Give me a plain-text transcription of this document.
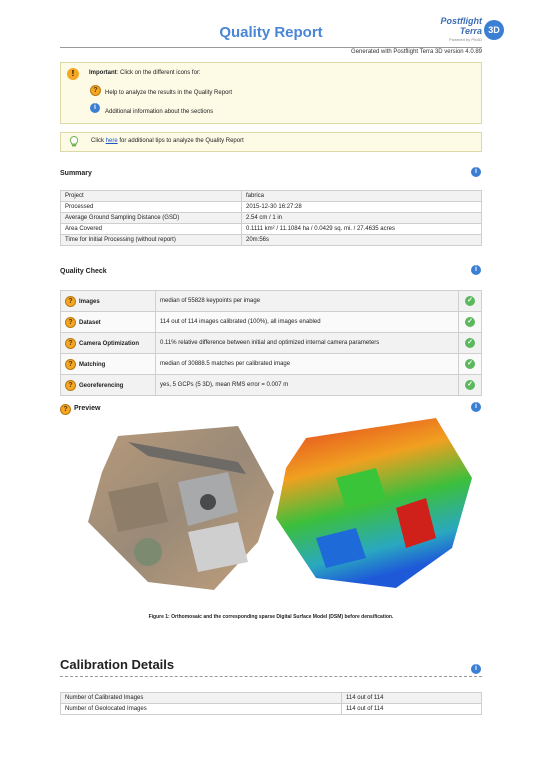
Quality Report
Postflight
Terra
Powered by Pix4D
3D
Generated with Postflight Terra 3D version 4.0.89
!	Important: Click on the different icons for:
?	Help to analyze the results in the Quality Report
i
Additional information about the sections
Click here for additional tips to analyze the Quality Report
Summary	i
Project	fabrica
Processed	2015-12-30 16:27:28
Average Ground Sampling Distance (GSD)	2.54 cm / 1 in
Area Covered	0.1111 km² / 11.1084 ha / 0.0429 sq. mi. / 27.4635 acres
Time for Initial Processing (without report)	20m:56s
Quality Check	i
? Images	median of 55828 keypoints per image	✓
? Dataset	114 out of 114 images calibrated (100%), all images enabled	✓
? Camera Optimization	0.11% relative difference between initial and optimized internal camera parameters	✓
? Matching	median of 30888.5 matches per calibrated image	✓
? Georeferencing	yes, 5 GCPs (5 3D), mean RMS error = 0.007 m	✓
? Preview	i
Figure 1: Orthomosaic and the corresponding sparse Digital Surface Model (DSM) before densification.
Calibration Details	i
Number of Calibrated Images	114 out of 114
Number of Geolocated Images	114 out of 114
